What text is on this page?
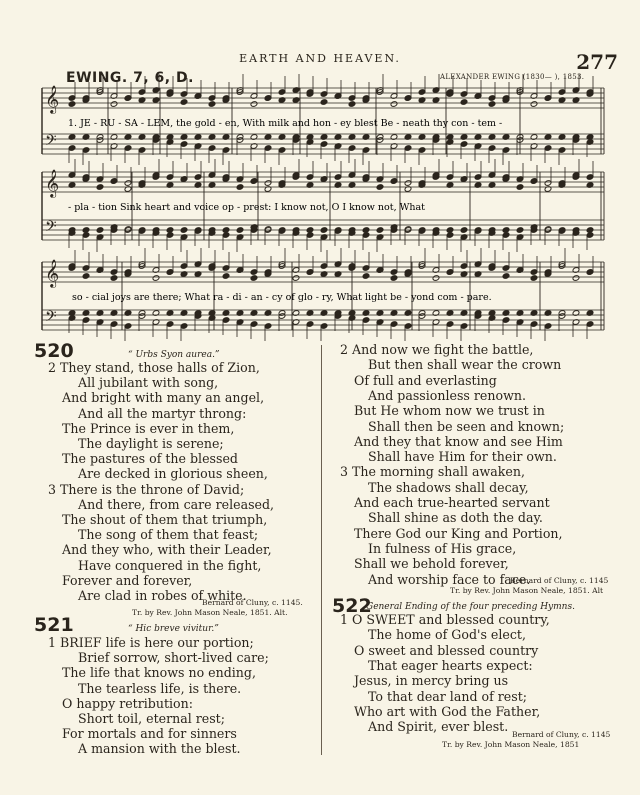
EARTH AND HEAVEN.	277
EWING. 7, 6, D.	ALEXANDER EWING (1830— ), 1853.
𝄞
𝄢
𝄞
𝄢
𝄞
𝄢
1. JE - RU - SA - LEM, the gold - en, With milk and hon - ey blest Be - neath thy con - tem -
- pla - tion Sink heart and voice op - prest: I know not, O I know not, What
so - cial joys are there; What ra - di - an - cy of glo - ry, What light be - yond com - pare.
520	“ Urbs Syon aurea.”
2 They stand, those halls of Zion,
All jubilant with song,
And bright with many an angel,
And all the martyr throng:
The Prince is ever in them,
The daylight is serene;
The pastures of the blessed
Are decked in glorious sheen,
3 There is the throne of David;
And there, from care released,
The shout of them that triumph,
The song of them that feast;
And they who, with their Leader,
Have conquered in the fight,
Forever and forever,
Are clad in robes of white.
Bernard of Cluny, c. 1145.
Tr. by Rev. John Mason Neale, 1851. Alt.
521	“ Hic breve vivitur.”
1 BRIEF life is here our portion;
Brief sorrow, short-lived care;
The life that knows no ending,
The tearless life, is there.
O happy retribution:
Short toil, eternal rest;
For mortals and for sinners
A mansion with the blest.
2 And now we fight the battle,
But then shall wear the crown
Of full and everlasting
And passionless renown.
But He whom now we trust in
Shall then be seen and known;
And they that know and see Him
Shall have Him for their own.
3 The morning shall awaken,
The shadows shall decay,
And each true-hearted servant
Shall shine as doth the day.
There God our King and Portion,
In fulness of His grace,
Shall we behold forever,
And worship face to face.
Bernard of Cluny, c. 1145
Tr. by Rev. John Mason Neale, 1851. Alt
522
General Ending of the four preceding Hymns.
1 O SWEET and blessed country,
The home of God's elect,
O sweet and blessed country
That eager hearts expect:
Jesus, in mercy bring us
To that dear land of rest;
Who art with God the Father,
And Spirit, ever blest.
Bernard of Cluny, c. 1145
Tr. by Rev. John Mason Neale, 1851
